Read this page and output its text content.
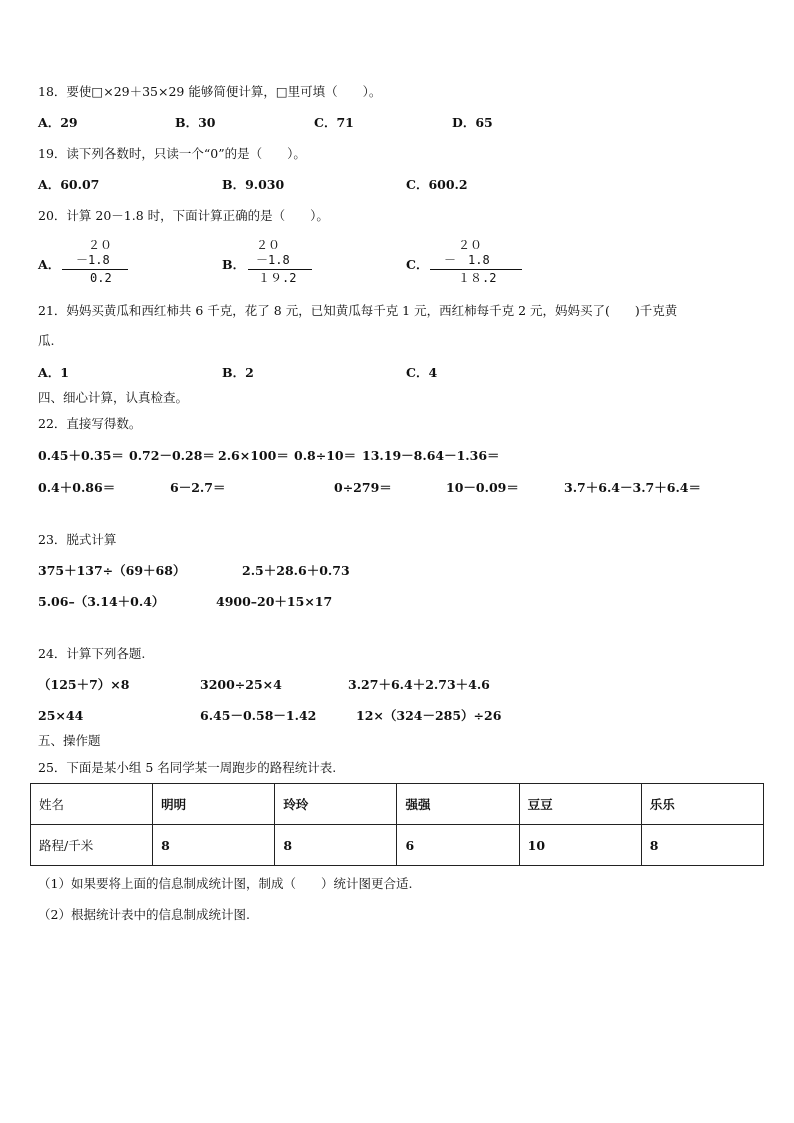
18．要使□×29＋35×29 能够简便计算，□里可填（　　）。
A．29	B．30	C．71	D．65
19．读下列各数时，只读一个“0”的是（　　）。
A．60.07	B．9.030	C．600.2
20．计算 20－1.8 时，下面计算正确的是（　　）。
A．
２０
－1.8
0.2
B．
２０
－1.8
１９.2
C．
２０
－　1.8
１８.2
21．妈妈买黄瓜和西红柿共 6 千克，花了 8 元，已知黄瓜每千克 1 元，西红柿每千克 2 元，妈妈买了(　　)千克黄
瓜.
A．1	B．2	C．4
四、细心计算，认真检查。
22．直接写得数。
0.45＋0.35＝ 0.72－0.28＝ 2.6×100＝ 0.8÷10＝ 13.19－8.64－1.36＝
0.4＋0.86＝	6－2.7＝	0÷279＝	10－0.09＝	3.7＋6.4－3.7＋6.4＝
23．脱式计算
375＋137÷（69＋68）	2.5＋28.6＋0.73
5.06–（3.14＋0.4）	4900–20＋15×17
24．计算下列各题.
（125＋7）×8	3200÷25×4	3.27＋6.4＋2.73＋4.6
25×44	6.45－0.58－1.42	12×（324－285）÷26
五、操作题
25．下面是某小组 5 名同学某一周跑步的路程统计表.
姓名	明明	玲玲	强强	豆豆	乐乐
路程/千米	8	8	6	10	8
（1）如果要将上面的信息制成统计图，制成（　　）统计图更合适.
（2）根据统计表中的信息制成统计图.
